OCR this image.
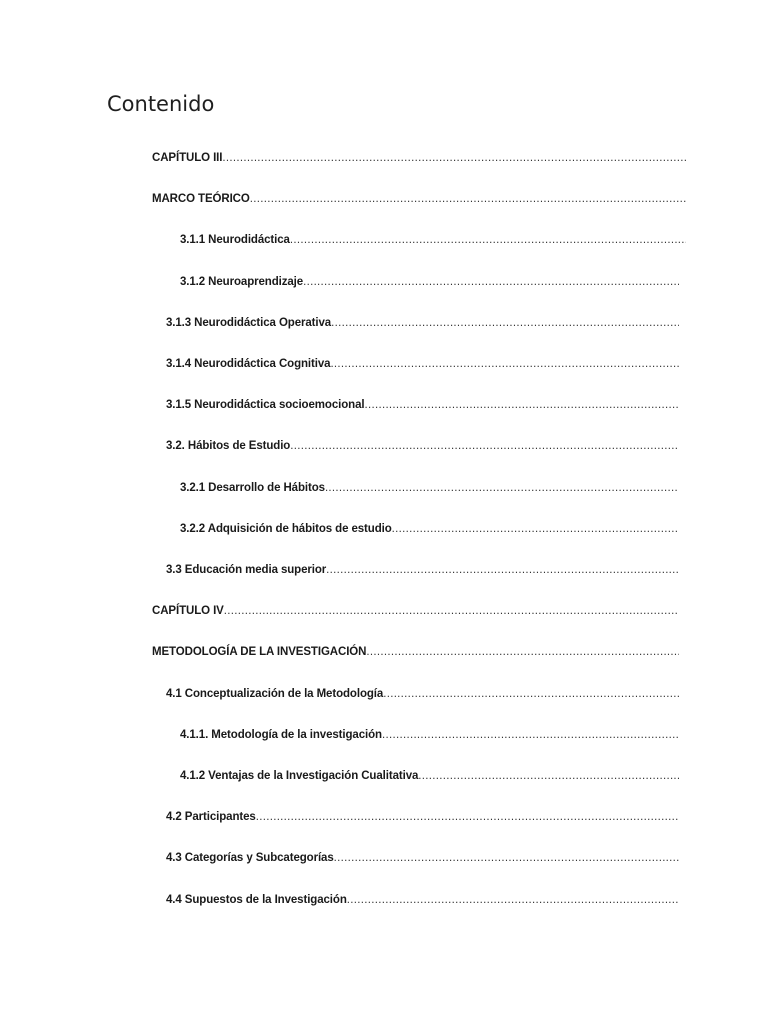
Contenido
CAPÍTULO III
.....
MARCO TEÓRICO
.....
3.1.1 Neurodidáctica
.....
3.1.2 Neuroaprendizaje
.....
3.1.3 Neurodidáctica Operativa
.....
3.1.4 Neurodidáctica Cognitiva
.....
3.1.5 Neurodidáctica socioemocional
.....
3.2. Hábitos de Estudio
.....
3.2.1 Desarrollo de Hábitos
.....
3.2.2 Adquisición de hábitos de estudio
.....
3.3 Educación media superior
.....
CAPÍTULO IV
.....
METODOLOGÍA DE LA INVESTIGACIÓN
.....
4.1 Conceptualización de la Metodología
.....
4.1.1. Metodología de la investigación
.....
4.1.2 Ventajas de la Investigación Cualitativa
.....
4.2 Participantes
.....
4.3 Categorías y Subcategorías
.....
4.4 Supuestos de la Investigación
.....
